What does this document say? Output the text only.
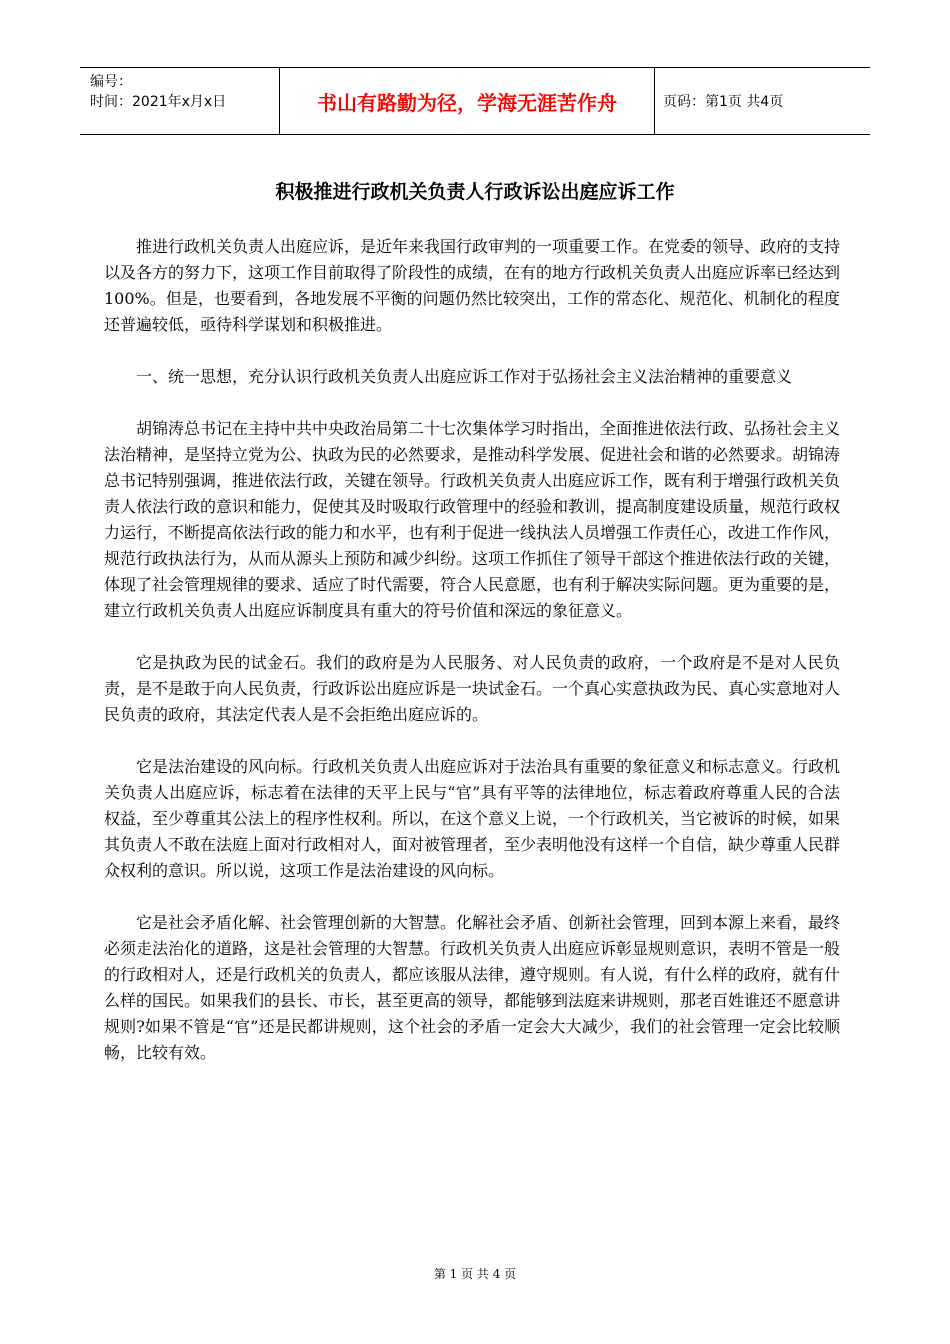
编号：
时间：2021年x月x日	书山有路勤为径，学海无涯苦作舟	页码：第1页 共4页
积极推进行政机关负责人行政诉讼出庭应诉工作

推进行政机关负责人出庭应诉，是近年来我国行政审判的一项重要工作。在党委的领导、政府的支持以及各方的努力下，这项工作目前取得了阶段性的成绩，在有的地方行政机关负责人出庭应诉率已经达到100%。但是，也要看到，各地发展不平衡的问题仍然比较突出，工作的常态化、规范化、机制化的程度还普遍较低，亟待科学谋划和积极推进。

一、统一思想，充分认识行政机关负责人出庭应诉工作对于弘扬社会主义法治精神的重要意义

胡锦涛总书记在主持中共中央政治局第二十七次集体学习时指出，全面推进依法行政、弘扬社会主义法治精神，是坚持立党为公、执政为民的必然要求，是推动科学发展、促进社会和谐的必然要求。胡锦涛总书记特别强调，推进依法行政，关键在领导。行政机关负责人出庭应诉工作，既有利于增强行政机关负责人依法行政的意识和能力，促使其及时吸取行政管理中的经验和教训，提高制度建设质量，规范行政权力运行，不断提高依法行政的能力和水平，也有利于促进一线执法人员增强工作责任心，改进工作作风，规范行政执法行为，从而从源头上预防和减少纠纷。这项工作抓住了领导干部这个推进依法行政的关键，体现了社会管理规律的要求、适应了时代需要，符合人民意愿，也有利于解决实际问题。更为重要的是，建立行政机关负责人出庭应诉制度具有重大的符号价值和深远的象征意义。

它是执政为民的试金石。我们的政府是为人民服务、对人民负责的政府，一个政府是不是对人民负责，是不是敢于向人民负责，行政诉讼出庭应诉是一块试金石。一个真心实意执政为民、真心实意地对人民负责的政府，其法定代表人是不会拒绝出庭应诉的。

它是法治建设的风向标。行政机关负责人出庭应诉对于法治具有重要的象征意义和标志意义。行政机关负责人出庭应诉，标志着在法律的天平上民与“官”具有平等的法律地位，标志着政府尊重人民的合法权益，至少尊重其公法上的程序性权利。所以，在这个意义上说，一个行政机关，当它被诉的时候，如果其负责人不敢在法庭上面对行政相对人，面对被管理者，至少表明他没有这样一个自信，缺少尊重人民群众权利的意识。所以说，这项工作是法治建设的风向标。

它是社会矛盾化解、社会管理创新的大智慧。化解社会矛盾、创新社会管理，回到本源上来看，最终必须走法治化的道路，这是社会管理的大智慧。行政机关负责人出庭应诉彰显规则意识，表明不管是一般的行政相对人，还是行政机关的负责人，都应该服从法律，遵守规则。有人说，有什么样的政府，就有什么样的国民。如果我们的县长、市长，甚至更高的领导，都能够到法庭来讲规则，那老百姓谁还不愿意讲规则?如果不管是“官”还是民都讲规则，这个社会的矛盾一定会大大减少，我们的社会管理一定会比较顺畅，比较有效。

第 1 页 共 4 页
